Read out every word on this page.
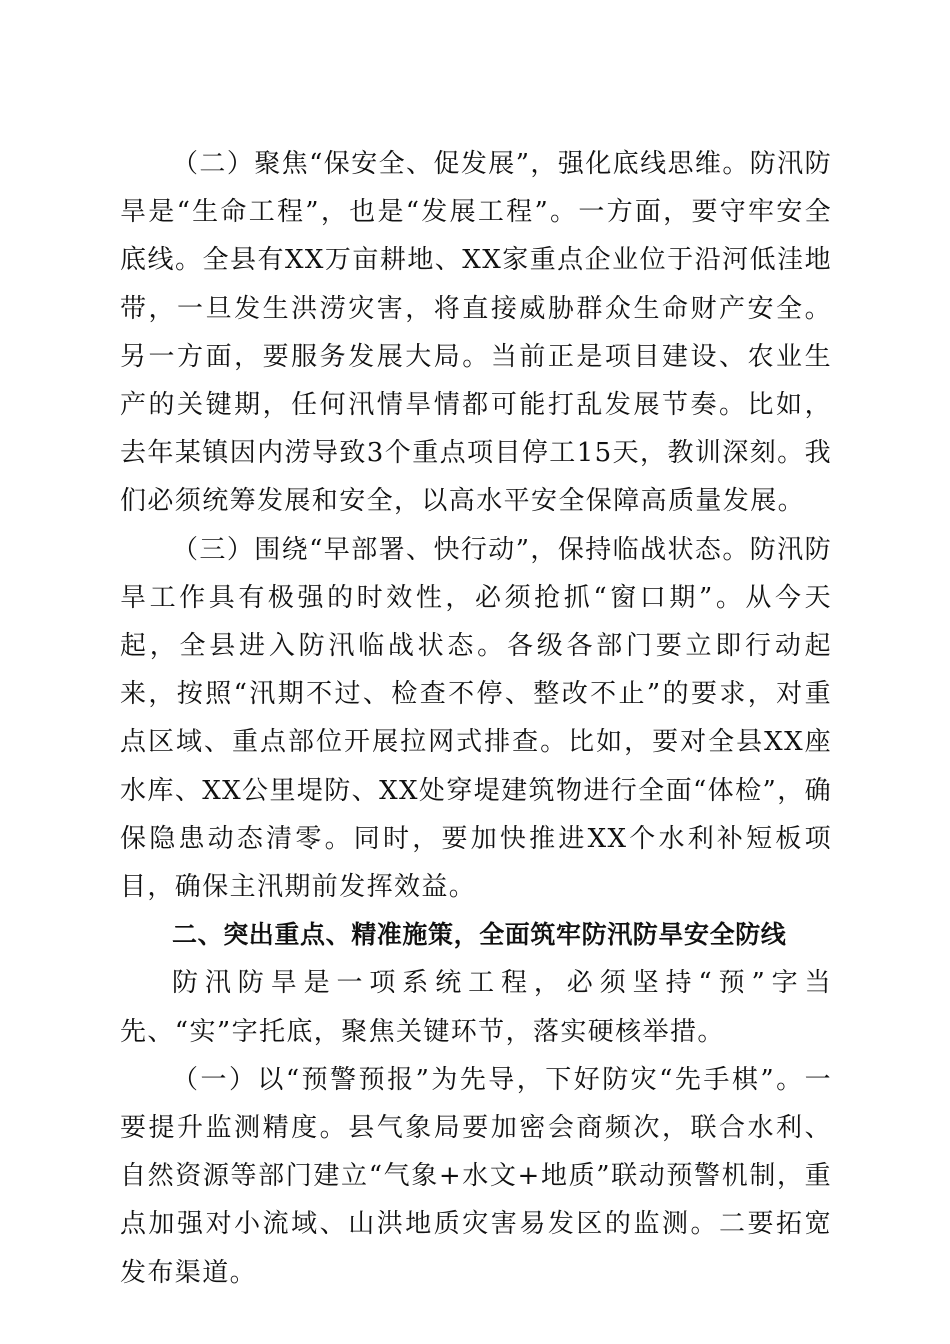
（二）聚焦“保安全、促发展”，强化底线思维。防汛防旱是“生命工程”，也是“发展工程”。一方面，要守牢安全底线。全县有XX万亩耕地、XX家重点企业位于沿河低洼地带，一旦发生洪涝灾害，将直接威胁群众生命财产安全。另一方面，要服务发展大局。当前正是项目建设、农业生产的关键期，任何汛情旱情都可能打乱发展节奏。比如，去年某镇因内涝导致3个重点项目停工15天，教训深刻。我们必须统筹发展和安全，以高水平安全保障高质量发展。

（三）围绕“早部署、快行动”，保持临战状态。防汛防旱工作具有极强的时效性，必须抢抓“窗口期”。从今天起，全县进入防汛临战状态。各级各部门要立即行动起来，按照“汛期不过、检查不停、整改不止”的要求，对重点区域、重点部位开展拉网式排查。比如，要对全县XX座水库、XX公里堤防、XX处穿堤建筑物进行全面“体检”，确保隐患动态清零。同时，要加快推进XX个水利补短板项目，确保主汛期前发挥效益。

二、突出重点、精准施策，全面筑牢防汛防旱安全防线

防汛防旱是一项系统工程，必须坚持“预”字当先、“实”字托底，聚焦关键环节，落实硬核举措。

（一）以“预警预报”为先导，下好防灾“先手棋”。一要提升监测精度。县气象局要加密会商频次，联合水利、自然资源等部门建立“气象+水文+地质”联动预警机制，重点加强对小流域、山洪地质灾害易发区的监测。二要拓宽发布渠道。
